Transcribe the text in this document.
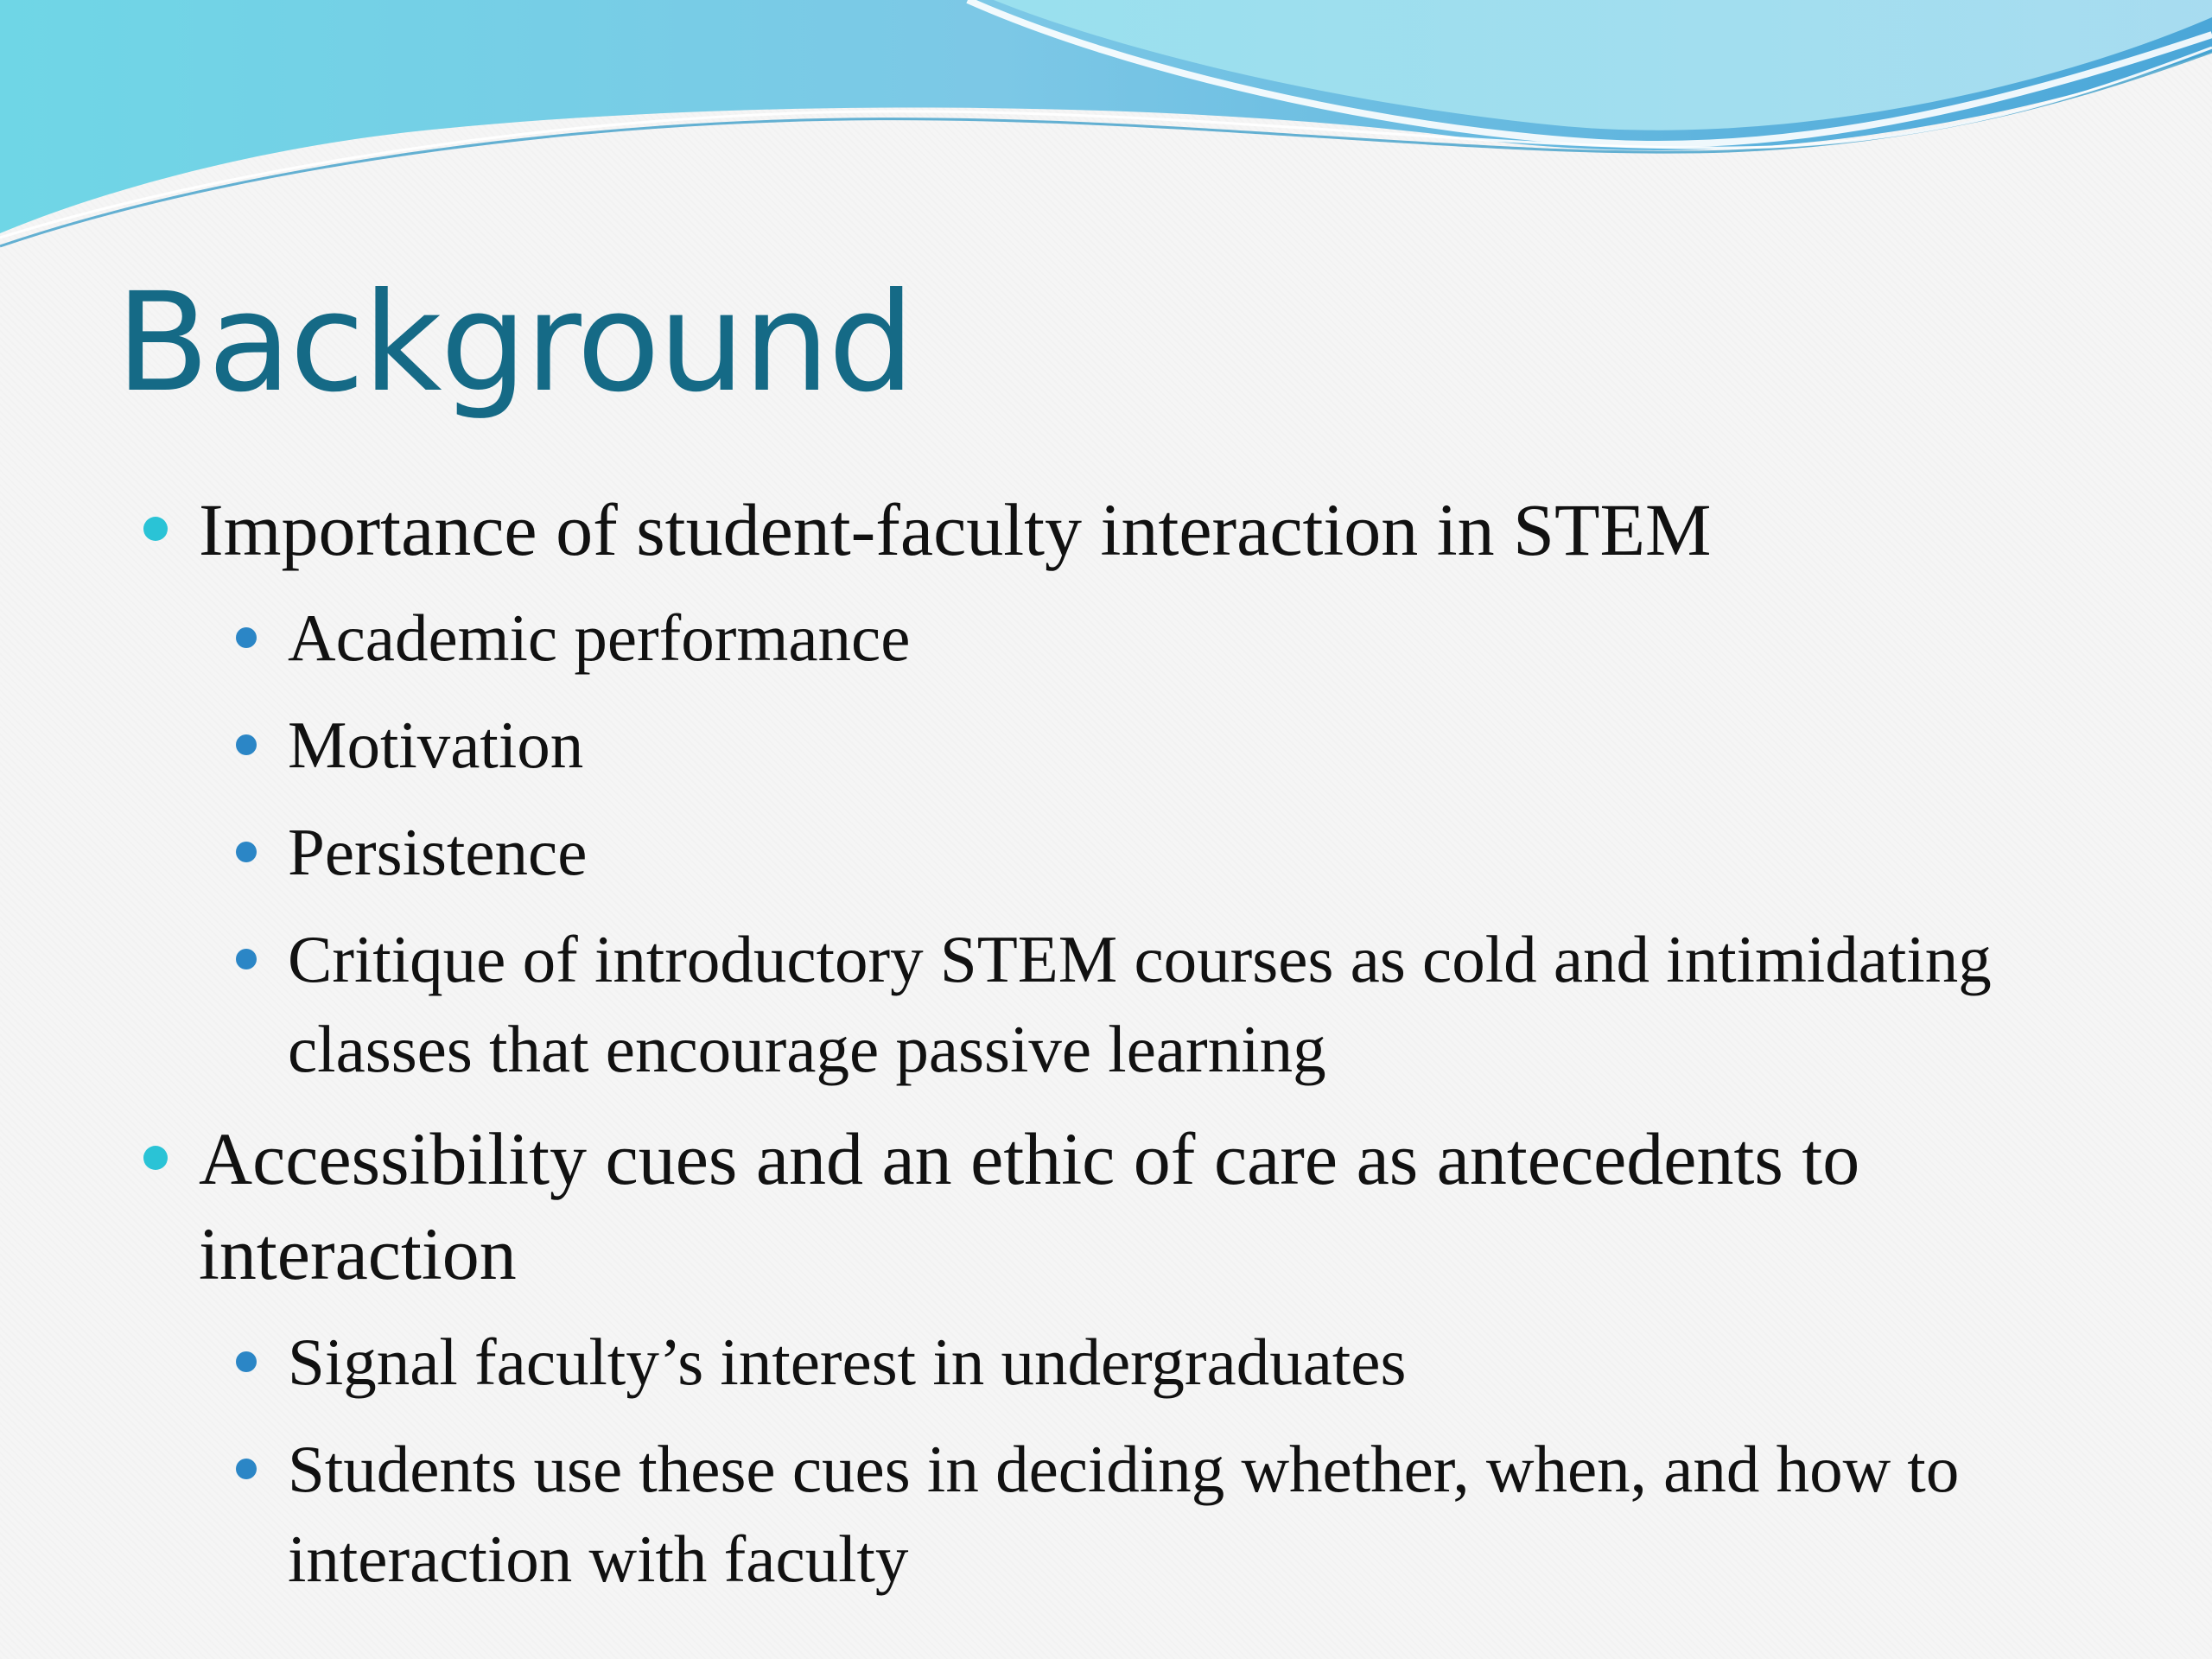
Background
Importance of student-faculty interaction in STEM
Academic performance
Motivation
Persistence
Critique of introductory STEM courses as cold and intimidating classes that encourage passive learning
Accessibility cues and an ethic of care as antecedents to interaction
Signal faculty’s interest in undergraduates
Students use these cues in deciding whether, when, and how to interaction with faculty
